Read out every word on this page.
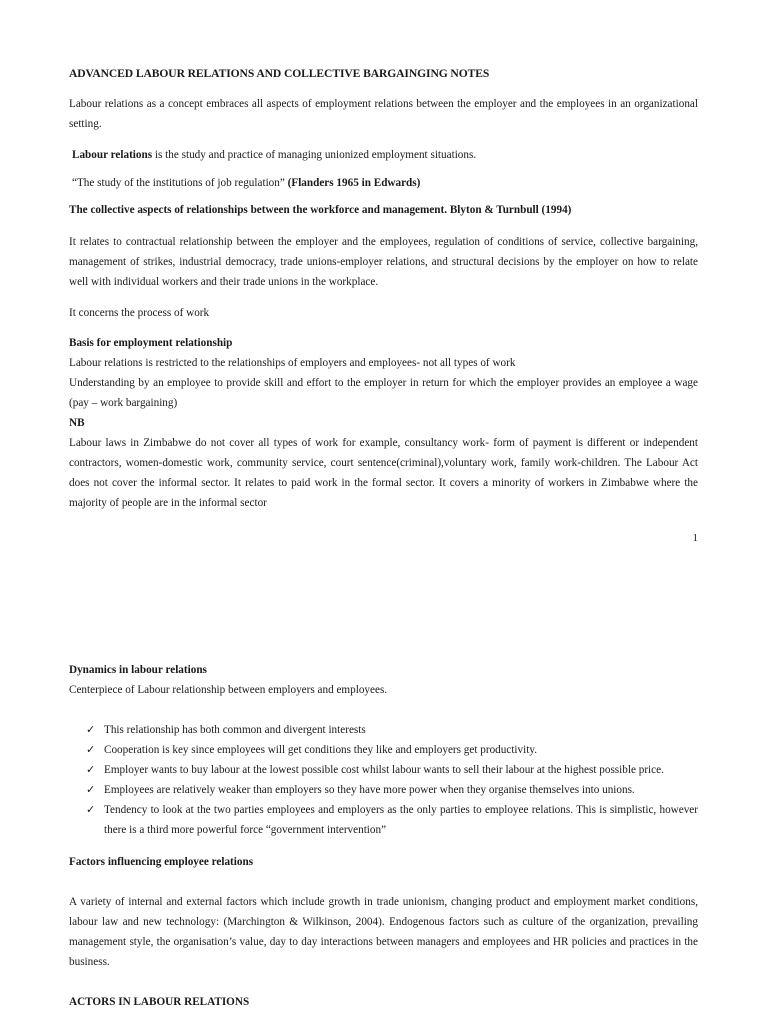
ADVANCED LABOUR RELATIONS AND COLLECTIVE BARGAINGING NOTES

Labour relations as a concept embraces all aspects of employment relations between the employer and the employees in an organizational setting.

Labour relations is the study and practice of managing unionized employment situations.

“The study of the institutions of job regulation” (Flanders 1965 in Edwards)

The collective aspects of relationships between the workforce and management. Blyton & Turnbull (1994)

It relates to contractual relationship between the employer and the employees, regulation of conditions of service, collective bargaining, management of strikes, industrial democracy, trade unions-employer relations, and structural decisions by the employer on how to relate well with individual workers and their trade unions in the workplace.

It concerns the process of work

Basis for employment relationship

Labour relations is restricted to the relationships of employers and employees- not all types of work

Understanding by an employee to provide skill and effort to the employer in return for which the employer provides an employee a wage (pay – work bargaining)

NB

Labour laws in Zimbabwe do not cover all types of work for example, consultancy work- form of payment is different or independent contractors, women-domestic work, community service, court sentence(criminal),voluntary work, family work-children. The Labour Act does not cover the informal sector. It relates to paid work in the formal sector. It covers a minority of workers in Zimbabwe where the majority of people are in the informal sector

1

Dynamics in labour relations

Centerpiece of Labour relationship between employers and employees.

✓ This relationship has both common and divergent interests
✓ Cooperation is key since employees will get conditions they like and employers get productivity.
✓ Employer wants to buy labour at the lowest possible cost whilst labour wants to sell their labour at the highest possible price.
✓ Employees are relatively weaker than employers so they have more power when they organise themselves into unions.
✓ Tendency to look at the two parties employees and employers as the only parties to employee relations. This is simplistic, however there is a third more powerful force “government intervention”

Factors influencing employee relations

A variety of internal and external factors which include growth in trade unionism, changing product and employment market conditions, labour law and new technology: (Marchington & Wilkinson, 2004). Endogenous factors such as culture of the organization, prevailing management style, the organisation’s value, day to day interactions between managers and employees and HR policies and practices in the business.

ACTORS IN LABOUR RELATIONS
